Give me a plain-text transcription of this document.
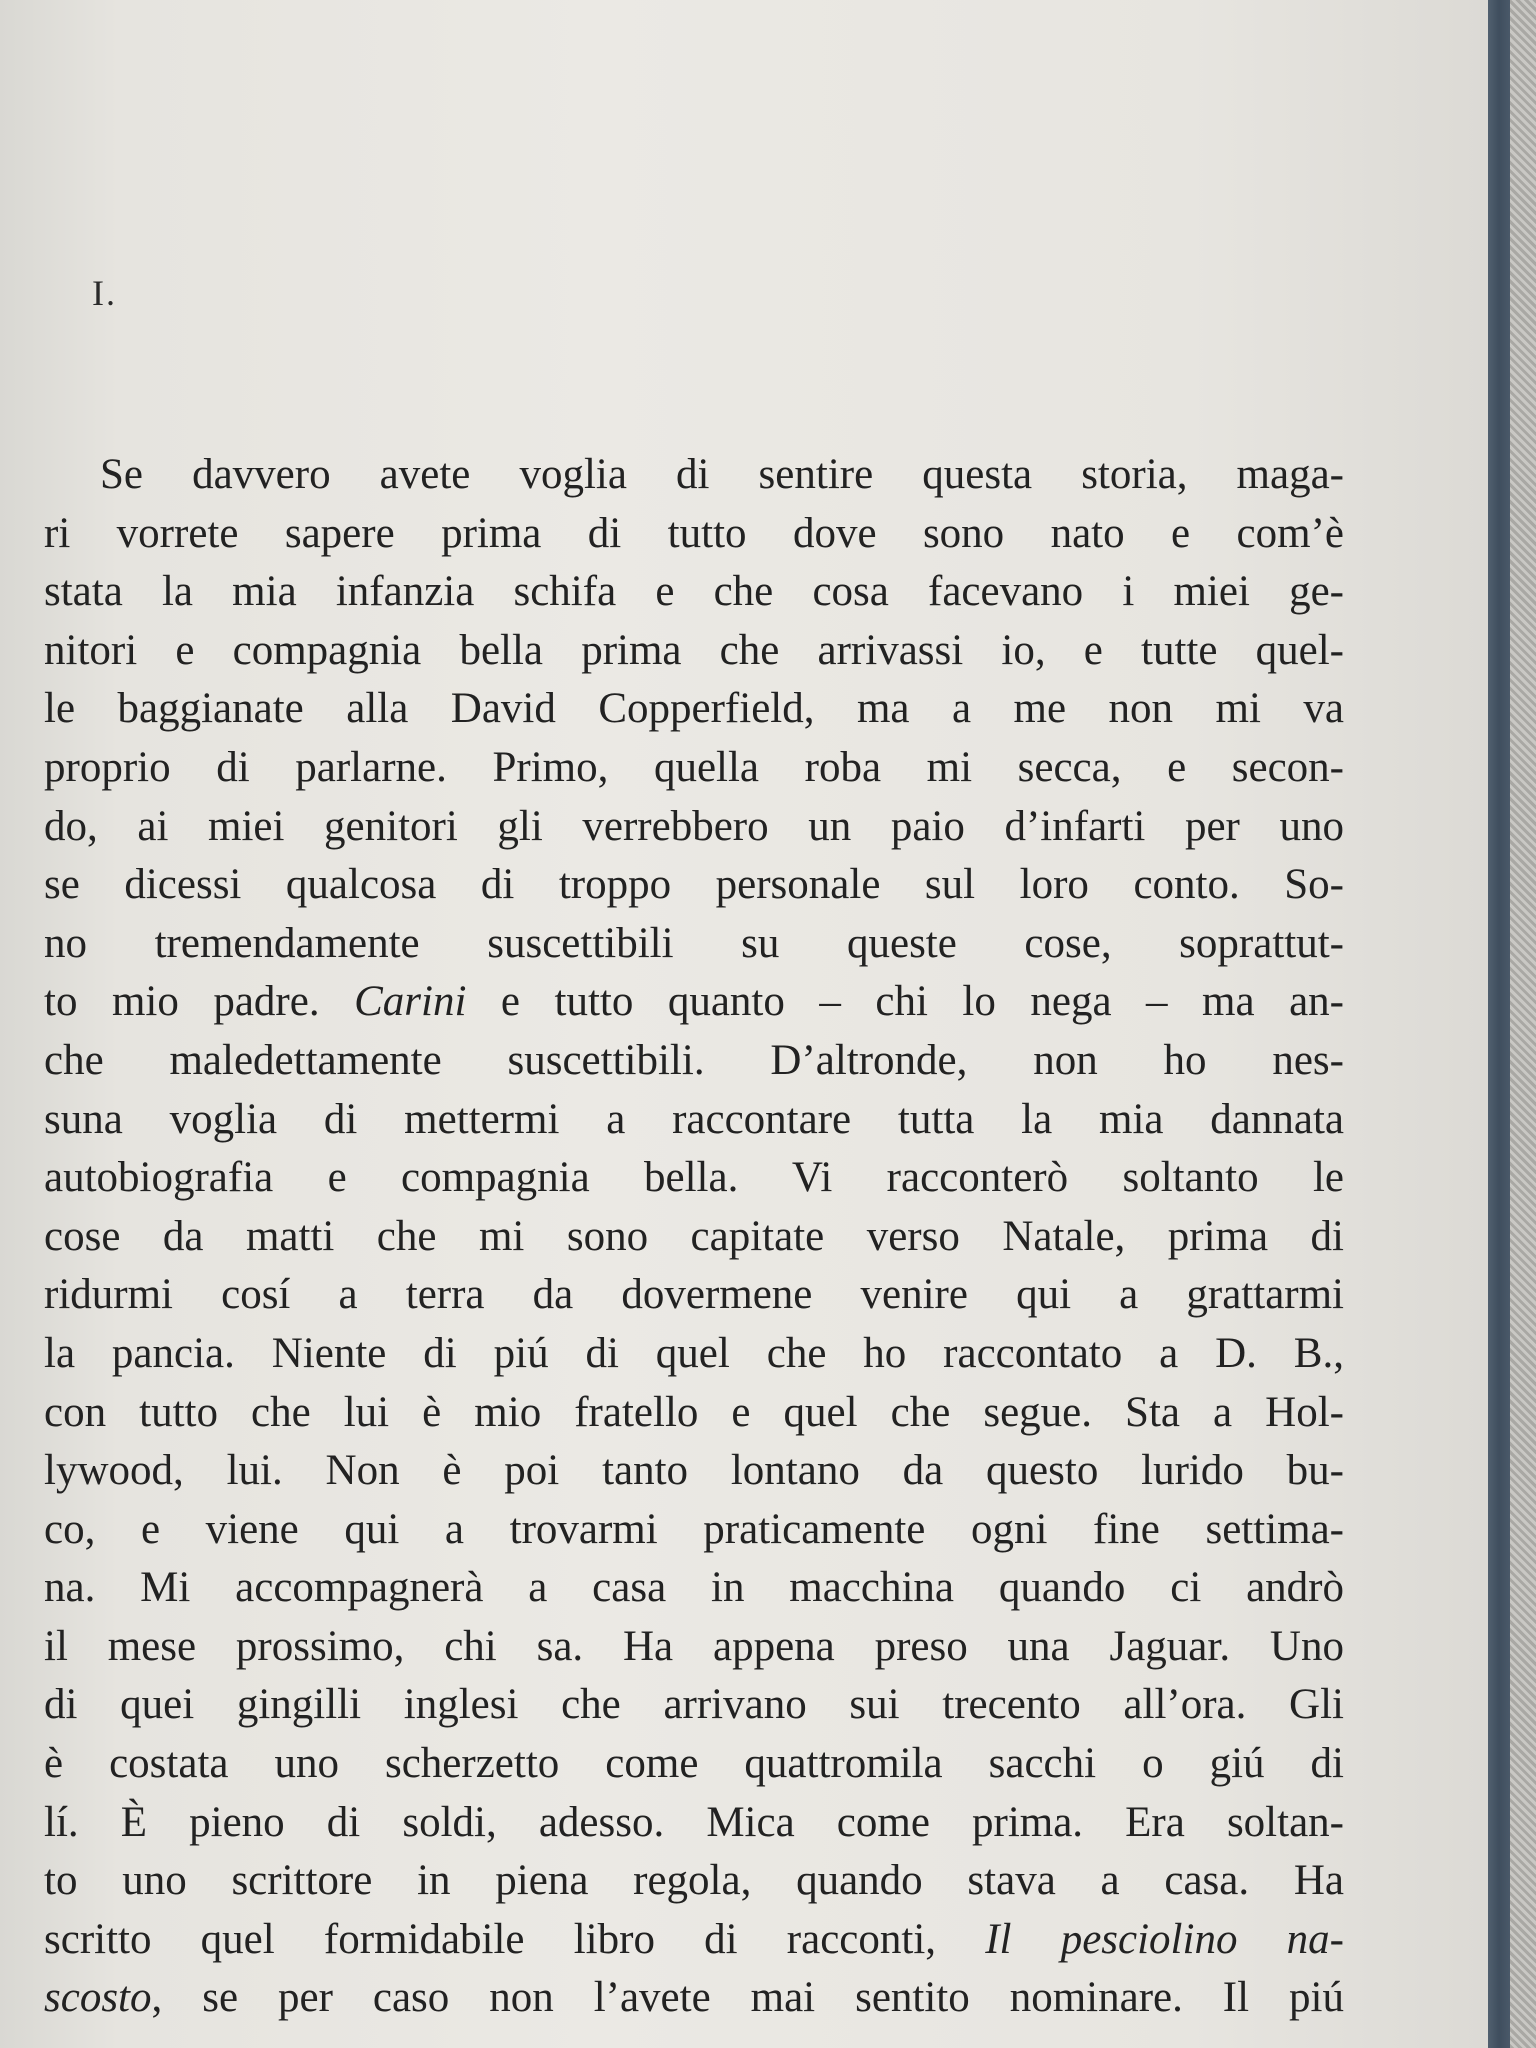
I.
Se davvero avete voglia di sentire questa storia, maga-
ri vorrete sapere prima di tutto dove sono nato e com’è
stata la mia infanzia schifa e che cosa facevano i miei ge-
nitori e compagnia bella prima che arrivassi io, e tutte quel-
le baggianate alla David Copperfield, ma a me non mi va
proprio di parlarne. Primo, quella roba mi secca, e secon-
do, ai miei genitori gli verrebbero un paio d’infarti per uno
se dicessi qualcosa di troppo personale sul loro conto. So-
no tremendamente suscettibili su queste cose, soprattut-
to mio padre. Carini e tutto quanto – chi lo nega – ma an-
che maledettamente suscettibili. D’altronde, non ho nes-
suna voglia di mettermi a raccontare tutta la mia dannata
autobiografia e compagnia bella. Vi racconterò soltanto le
cose da matti che mi sono capitate verso Natale, prima di
ridurmi cosí a terra da dovermene venire qui a grattarmi
la pancia. Niente di piú di quel che ho raccontato a D. B.,
con tutto che lui è mio fratello e quel che segue. Sta a Hol-
lywood, lui. Non è poi tanto lontano da questo lurido bu-
co, e viene qui a trovarmi praticamente ogni fine settima-
na. Mi accompagnerà a casa in macchina quando ci andrò
il mese prossimo, chi sa. Ha appena preso una Jaguar. Uno
di quei gingilli inglesi che arrivano sui trecento all’ora. Gli
è costata uno scherzetto come quattromila sacchi o giú di
lí. È pieno di soldi, adesso. Mica come prima. Era soltan-
to uno scrittore in piena regola, quando stava a casa. Ha
scritto quel formidabile libro di racconti, Il pesciolino na-
scosto, se per caso non l’avete mai sentito nominare. Il piú
